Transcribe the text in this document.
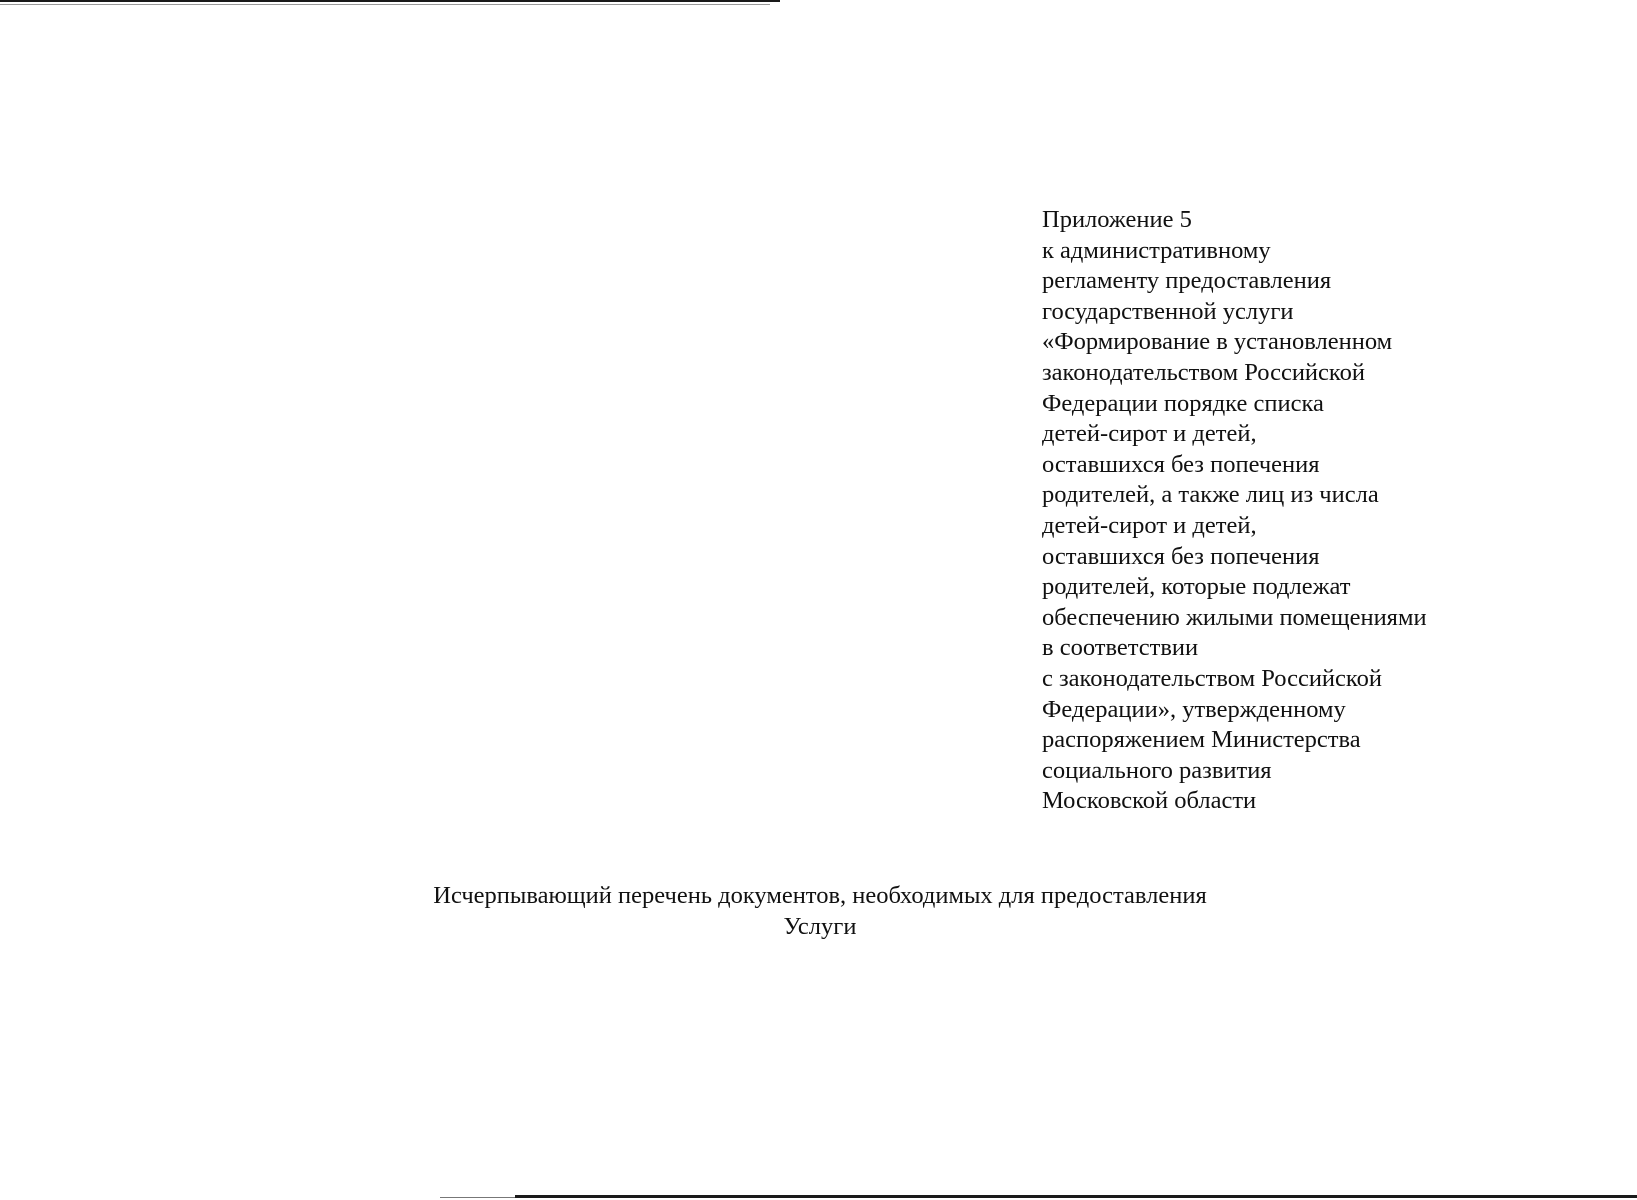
Приложение 5
к административному
регламенту предоставления
государственной услуги
«Формирование в установленном
законодательством Российской
Федерации порядке списка
детей-сирот и детей,
оставшихся без попечения
родителей, а также лиц из числа
детей-сирот и детей,
оставшихся без попечения
родителей, которые подлежат
обеспечению жилыми помещениями
в соответствии
с законодательством Российской
Федерации», утвержденному
распоряжением Министерства
социального развития
Московской области
Исчерпывающий перечень документов, необходимых для предоставления
Услуги
